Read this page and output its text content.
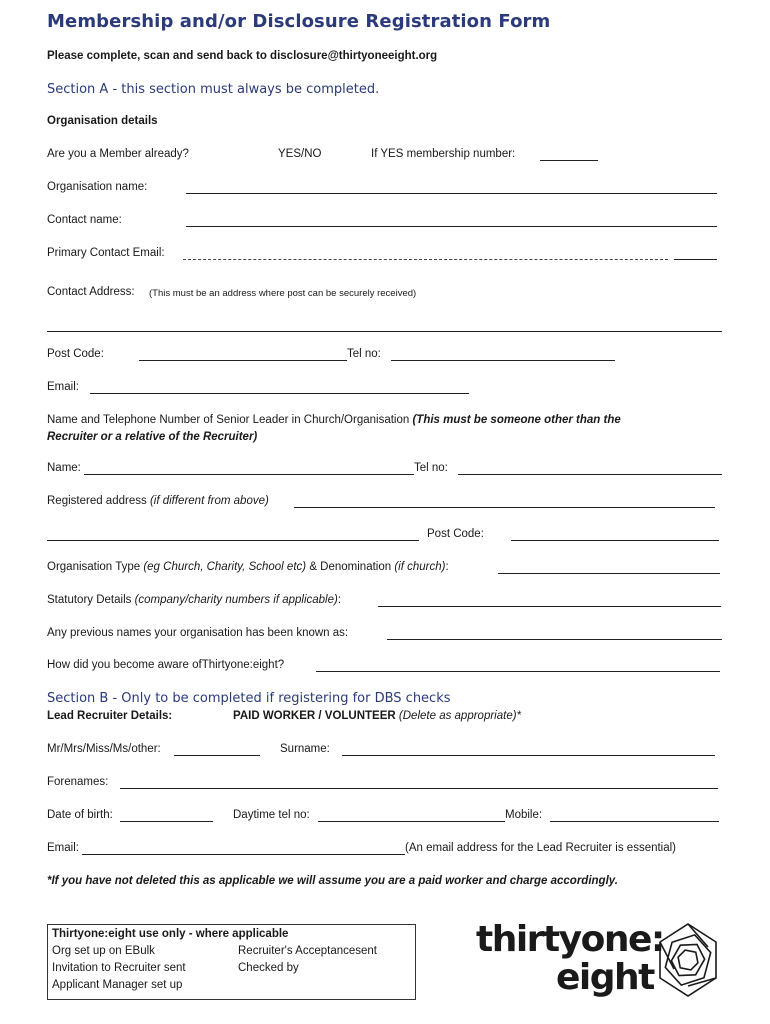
Membership and/or Disclosure Registration Form
Please complete, scan and send back to disclosure@thirtyoneeight.org
Section A - this section must always be completed.
Organisation details
Are you a Member already?	YES/NO	If YES membership number:
Organisation name:
Contact name:
Primary Contact Email:
Contact Address: (This must be an address where post can be securely received)
Post Code:	Tel no:
Email:
Name and Telephone Number of Senior Leader in Church/Organisation (This must be someone other than the
Recruiter or a relative of the Recruiter)
Name:	Tel no:
Registered address (if different from above)
Post Code:
Organisation Type (eg Church, Charity, School etc) & Denomination (if church):
Statutory Details (company/charity numbers if applicable):
Any previous names your organisation has been known as:
How did you become aware ofThirtyone:eight?
Section B - Only to be completed if registering for DBS checks
Lead Recruiter Details:	PAID WORKER / VOLUNTEER (Delete as appropriate)*
Mr/Mrs/Miss/Ms/other:	Surname:
Forenames:
Date of birth:	Daytime tel no:	Mobile:
Email:	(An email address for the Lead Recruiter is essential)
*If you have not deleted this as applicable we will assume you are a paid worker and charge accordingly.
Thirtyone:eight use only - where applicable
Org set up on EBulk	Recruiter's Acceptancesent
Invitation to Recruiter sent	Checked by
Applicant Manager set up
thirtyone:
eight
